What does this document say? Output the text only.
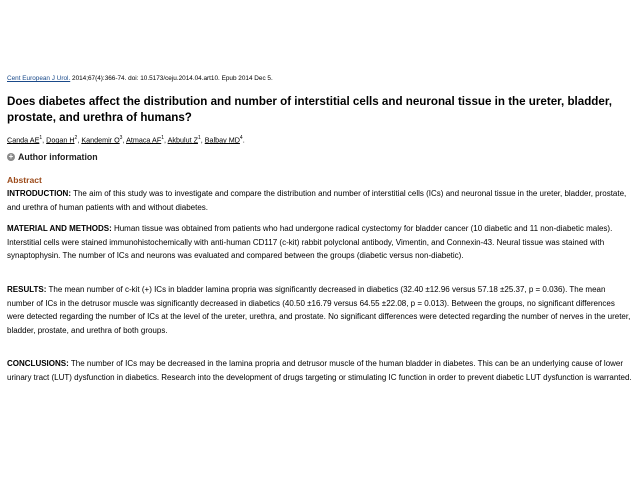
Cent European J Urol. 2014;67(4):366-74. doi: 10.5173/ceju.2014.04.art10. Epub 2014 Dec 5.
Does diabetes affect the distribution and number of interstitial cells and neuronal tissue in the ureter, bladder, prostate, and urethra of humans?
Canda $AE^1$, Dogan $H^2$, Kandemir $O^3$, Atmaca $AF^1$, Akbulut $Z^1$, Balbay $MD^4$.
+ Author information
Abstract
INTRODUCTION: The aim of this study was to investigate and compare the distribution and number of interstitial cells (ICs) and neuronal tissue in the ureter, bladder, prostate, and urethra of human patients with and without diabetes.
MATERIAL AND METHODS: Human tissue was obtained from patients who had undergone radical cystectomy for bladder cancer (10 diabetic and 11 non-diabetic males). Interstitial cells were stained immunohistochemically with anti-human CD117 (c-kit) rabbit polyclonal antibody, Vimentin, and Connexin-43. Neural tissue was stained with synaptophysin. The number of ICs and neurons was evaluated and compared between the groups (diabetic versus non-diabetic).
RESULTS: The mean number of c-kit (+) ICs in bladder lamina propria was significantly decreased in diabetics (32.40 ±12.96 versus 57.18 ±25.37, p = 0.036). The mean number of ICs in the detrusor muscle was significantly decreased in diabetics (40.50 ±16.79 versus 64.55 ±22.08, p = 0.013). Between the groups, no significant differences were detected regarding the number of ICs at the level of the ureter, urethra, and prostate. No significant differences were detected regarding the number of nerves in the ureter, bladder, prostate, and urethra of both groups.
CONCLUSIONS: The number of ICs may be decreased in the lamina propria and detrusor muscle of the human bladder in diabetes. This can be an underlying cause of lower urinary tract (LUT) dysfunction in diabetics. Research into the development of drugs targeting or stimulating IC function in order to prevent diabetic LUT dysfunction is warranted.
